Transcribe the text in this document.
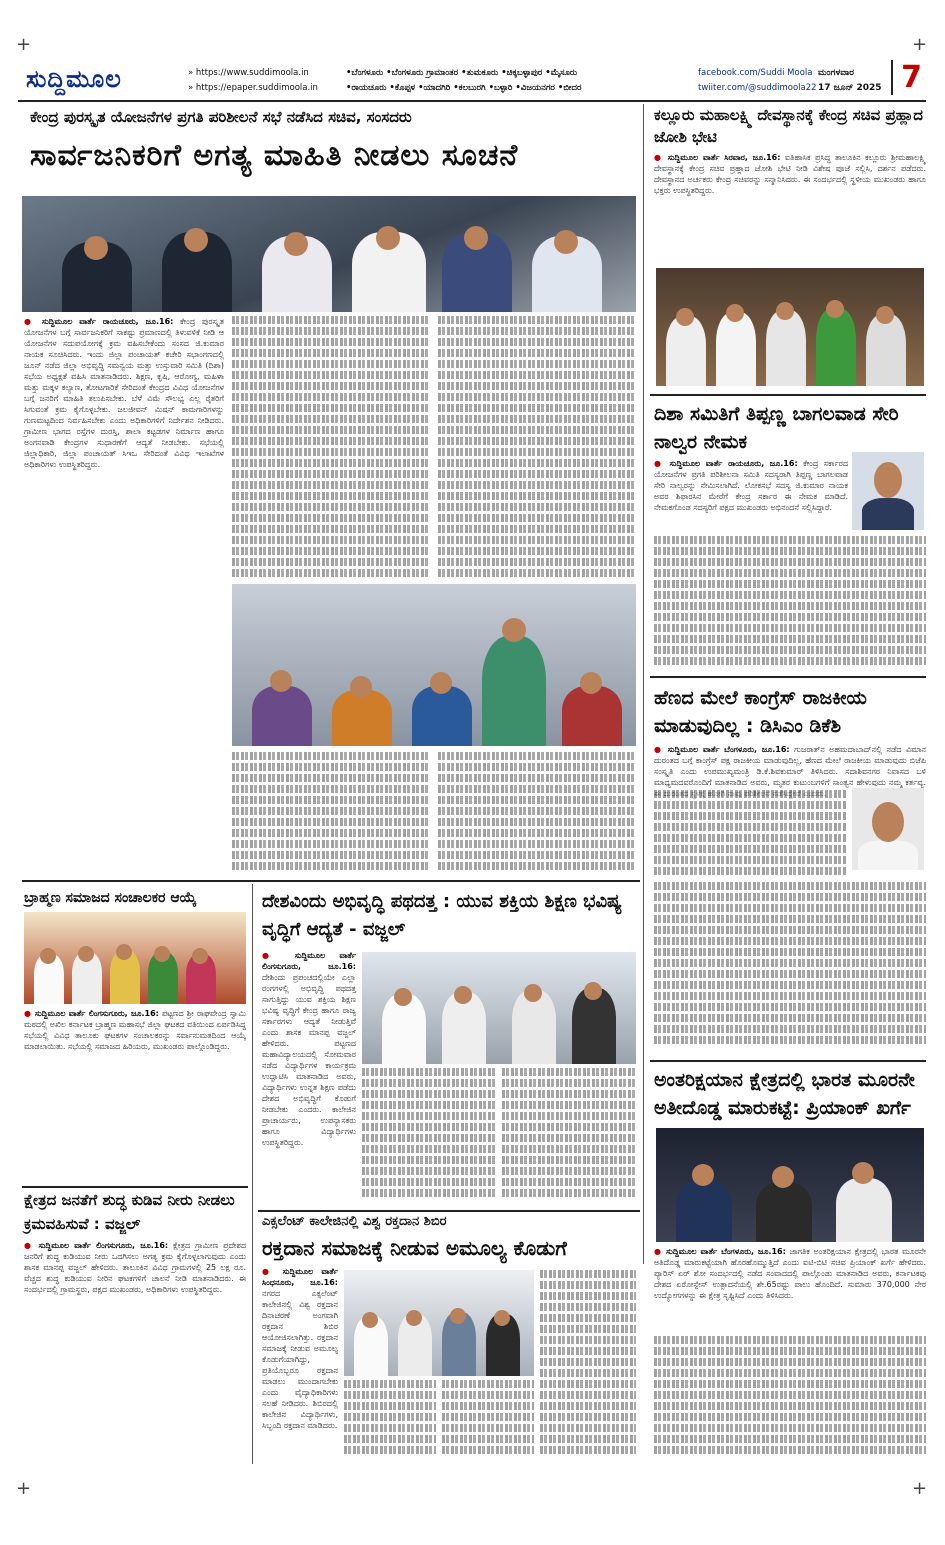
+	+
+	+
ಸುದ್ದಿಮೂಲ	» https://www.suddimoola.in
» https://epaper.suddimoola.in
•ಬೆಂಗಳೂರು •ಬೆಂಗಳೂರು ಗ್ರಾಮಾಂತರ •ತುಮಕೂರು •ಚಿಕ್ಕಬಳ್ಳಾಪುರ •ಮೈಸೂರು
•ರಾಯಚೂರು •ಕೊಪ್ಪಳ •ಯಾದಗಿರಿ •ಕಲಬುರಗಿ •ಬಳ್ಳಾರಿ •ವಿಜಯನಗರ •ಬೀದರ
facebook.com/Suddi Moola
twiiter.com/@suddimoola22
ಮಂಗಳವಾರ
17 ಜೂನ್ 2025 7
ಕೇಂದ್ರ ಪುರಸ್ಕೃತ ಯೋಜನೆಗಳ ಪ್ರಗತಿ ಪರಿಶೀಲನೆ ಸಭೆ ನಡೆಸಿದ ಸಚಿವ, ಸಂಸದರು
ಸಾರ್ವಜನಿಕರಿಗೆ ಅಗತ್ಯ ಮಾಹಿತಿ ನೀಡಲು ಸೂಚನೆ
● ಸುದ್ದಿಮೂಲ ವಾರ್ತೆ ರಾಯಚೂರು, ಜೂ.16: ಕೇಂದ್ರ ಪುರಸ್ಕೃತ ಯೋಜನೆಗಳ ಬಗ್ಗೆ ಸಾರ್ವಜನಿಕರಿಗೆ ಸಾಕಷ್ಟು ಪ್ರಮಾಣದಲ್ಲಿ ತಿಳುವಳಿಕೆ ನೀಡಿ ಆ ಯೋಜನೆಗಳ ಸದುಪಯೋಗಕ್ಕೆ ಕ್ರಮ ವಹಿಸಬೇಕೆಂದು ಸಂಸದ ಜಿ.ಕುಮಾರ ನಾಯಕ ಸೂಚಿಸಿದರು. ಇಂದು ಜಿಲ್ಲಾ ಪಂಚಾಯತ್ ಕಚೇರಿ ಸಭಾಂಗಣದಲ್ಲಿ ಜೂನ್ ನಡೆದ ಜಿಲ್ಲಾ ಅಭಿವೃದ್ಧಿ ಸಮನ್ವಯ ಮತ್ತು ಉಸ್ತುವಾರಿ ಸಮಿತಿ (ದಿಶಾ) ಸಭೆಯ ಅಧ್ಯಕ್ಷತೆ ವಹಿಸಿ ಮಾತನಾಡಿದರು. ಶಿಕ್ಷಣ, ಕೃಷಿ, ಆರೋಗ್ಯ, ಮಹಿಳಾ ಮತ್ತು ಮಕ್ಕಳ ಕಲ್ಯಾಣ, ತೋಟಗಾರಿಕೆ ಸೇರಿದಂತೆ ಕೇಂದ್ರದ ವಿವಿಧ ಯೋಜನೆಗಳ ಬಗ್ಗೆ ಜನರಿಗೆ ಮಾಹಿತಿ ತಲುಪಿಸಬೇಕು. ಬೆಳೆ ವಿಮೆ ಸೌಲಭ್ಯ ಎಲ್ಲ ರೈತರಿಗೆ ಸಿಗುವಂತೆ ಕ್ರಮ ಕೈಗೊಳ್ಳಬೇಕು. ಜಲಜೀವನ್ ಮಿಷನ್ ಕಾಮಗಾರಿಗಳನ್ನು ಗುಣಮಟ್ಟದಿಂದ ನಿರ್ವಹಿಸಬೇಕು ಎಂದು ಅಧಿಕಾರಿಗಳಿಗೆ ನಿರ್ದೇಶನ ನೀಡಿದರು. ಗ್ರಾಮೀಣ ಭಾಗದ ರಸ್ತೆಗಳ ದುರಸ್ತಿ, ಶಾಲಾ ಕಟ್ಟಡಗಳ ನಿರ್ಮಾಣ ಹಾಗೂ ಅಂಗನವಾಡಿ ಕೇಂದ್ರಗಳ ಸುಧಾರಣೆಗೆ ಆದ್ಯತೆ ನೀಡಬೇಕು. ಸಭೆಯಲ್ಲಿ ಜಿಲ್ಲಾಧಿಕಾರಿ, ಜಿಲ್ಲಾ ಪಂಚಾಯತ್ ಸಿಇಒ ಸೇರಿದಂತೆ ವಿವಿಧ ಇಲಾಖೆಗಳ ಅಧಿಕಾರಿಗಳು ಉಪಸ್ಥಿತರಿದ್ದರು.
ಕಲ್ಲೂರು ಮಹಾಲಕ್ಷ್ಮಿ ದೇವಸ್ಥಾನಕ್ಕೆ ಕೇಂದ್ರ ಸಚಿವ ಪ್ರಹ್ಲಾದ ಜೋಶಿ ಭೇಟಿ
● ಸುದ್ದಿಮೂಲ ವಾರ್ತೆ ಸಿರವಾರ, ಜೂ.16: ಐತಿಹಾಸಿಕ ಪ್ರಸಿದ್ಧ ತಾಲೂಕಿನ ಕಲ್ಲೂರು ಶ್ರೀಮಹಾಲಕ್ಷ್ಮಿ ದೇವಸ್ಥಾನಕ್ಕೆ ಕೇಂದ್ರ ಸಚಿವ ಪ್ರಹ್ಲಾದ ಜೋಶಿ ಭೇಟಿ ನೀಡಿ ವಿಶೇಷ ಪೂಜೆ ಸಲ್ಲಿಸಿ, ದರ್ಶನ ಪಡೆದರು. ದೇವಸ್ಥಾನದ ಅರ್ಚಕರು ಕೇಂದ್ರ ಸಚಿವರನ್ನು ಸನ್ಮಾನಿಸಿದರು. ಈ ಸಂದರ್ಭದಲ್ಲಿ ಸ್ಥಳೀಯ ಮುಖಂಡರು ಹಾಗೂ ಭಕ್ತರು ಉಪಸ್ಥಿತರಿದ್ದರು.
ದಿಶಾ ಸಮಿತಿಗೆ ತಿಪ್ಪಣ್ಣ ಬಾಗಲವಾಡ ಸೇರಿ ನಾಲ್ವರ ನೇಮಕ
● ಸುದ್ದಿಮೂಲ ವಾರ್ತೆ ರಾಯಚೂರು, ಜೂ.16: ಕೇಂದ್ರ ಸರ್ಕಾರದ ಯೋಜನೆಗಳ ಪ್ರಗತಿ ಪರಿಶೀಲನಾ ಸಮಿತಿ ಸದಸ್ಯರಾಗಿ ತಿಪ್ಪಣ್ಣ ಬಾಗಲವಾಡ ಸೇರಿ ನಾಲ್ವರನ್ನು ನೇಮಿಸಲಾಗಿದೆ. ಲೋಕಸಭೆ ಸದಸ್ಯ ಜಿ.ಕುಮಾರ ನಾಯಕ ಅವರ ಶಿಫಾರಸಿನ ಮೇರೆಗೆ ಕೇಂದ್ರ ಸರ್ಕಾರ ಈ ನೇಮಕ ಮಾಡಿದೆ. ನೇಮಕಗೊಂಡ ಸದಸ್ಯರಿಗೆ ಪಕ್ಷದ ಮುಖಂಡರು ಅಭಿನಂದನೆ ಸಲ್ಲಿಸಿದ್ದಾರೆ.
ಹೆಣದ ಮೇಲೆ ಕಾಂಗ್ರೆಸ್ ರಾಜಕೀಯ ಮಾಡುವುದಿಲ್ಲ : ಡಿಸಿಎಂ ಡಿಕೆಶಿ
● ಸುದ್ದಿಮೂಲ ವಾರ್ತೆ ಬೆಂಗಳೂರು, ಜೂ.16: ಗುಜರಾತ್‌ನ ಅಹಮದಾಬಾದ್‌ನಲ್ಲಿ ನಡೆದ ವಿಮಾನ ದುರಂತದ ಬಗ್ಗೆ ಕಾಂಗ್ರೆಸ್ ಪಕ್ಷ ರಾಜಕೀಯ ಮಾಡುವುದಿಲ್ಲ, ಹೆಣದ ಮೇಲೆ ರಾಜಕೀಯ ಮಾಡುವುದು ಬಿಜೆಪಿ ಸಂಸ್ಕೃತಿ ಎಂದು ಉಪಮುಖ್ಯಮಂತ್ರಿ ಡಿ.ಕೆ.ಶಿವಕುಮಾರ್ ತಿಳಿಸಿದರು. ಸದಾಶಿವನಗರ ನಿವಾಸದ ಬಳಿ ಮಾಧ್ಯಮದವರೊಂದಿಗೆ ಮಾತನಾಡಿದ ಅವರು, ಮೃತರ ಕುಟುಂಬಗಳಿಗೆ ಸಾಂತ್ವನ ಹೇಳುವುದು ನಮ್ಮ ಕರ್ತವ್ಯ.
ಅಂತರಿಕ್ಷಯಾನ ಕ್ಷೇತ್ರದಲ್ಲಿ ಭಾರತ ಮೂರನೇ ಅತೀದೊಡ್ಡ ಮಾರುಕಟ್ಟೆ: ಪ್ರಿಯಾಂಕ್ ಖರ್ಗೆ
● ಸುದ್ದಿಮೂಲ ವಾರ್ತೆ ಬೆಂಗಳೂರು, ಜೂ.16: ಜಾಗತಿಕ ಅಂತರಿಕ್ಷಯಾನ ಕ್ಷೇತ್ರದಲ್ಲಿ ಭಾರತ ಮೂರನೇ ಅತಿದೊಡ್ಡ ಮಾರುಕಟ್ಟೆಯಾಗಿ ಹೊರಹೊಮ್ಮುತ್ತಿದೆ ಎಂದು ಐಟಿ-ಬಿಟಿ ಸಚಿವ ಪ್ರಿಯಾಂಕ್ ಖರ್ಗೆ ಹೇಳಿದರು. ಪ್ಯಾರಿಸ್ ಏರ್ ಶೋ ಸಂದರ್ಭದಲ್ಲಿ ನಡೆದ ಸಂವಾದದಲ್ಲಿ ಪಾಲ್ಗೊಂಡು ಮಾತನಾಡಿದ ಅವರು, ಕರ್ನಾಟಕವು ದೇಶದ ಏರೋಸ್ಪೇಸ್ ಉತ್ಪಾದನೆಯಲ್ಲಿ ಶೇ.65ರಷ್ಟು ಪಾಲು ಹೊಂದಿದೆ. ಸುಮಾರು 370,000 ನೇರ ಉದ್ಯೋಗಗಳನ್ನು ಈ ಕ್ಷೇತ್ರ ಸೃಷ್ಟಿಸಿದೆ ಎಂದು ತಿಳಿಸಿದರು.
ಬ್ರಾಹ್ಮಣ ಸಮಾಜದ ಸಂಚಾಲಕರ ಆಯ್ಕೆ
● ಸುದ್ದಿಮೂಲ ವಾರ್ತೆ ಲಿಂಗಸುಗೂರು, ಜೂ.16: ಪಟ್ಟಣದ ಶ್ರೀ ರಾಘವೇಂದ್ರ ಸ್ವಾಮಿ ಮಠದಲ್ಲಿ ಅಖಿಲ ಕರ್ನಾಟಕ ಬ್ರಾಹ್ಮಣ ಮಹಾಸಭೆ ಜಿಲ್ಲಾ ಘಟಕದ ವತಿಯಿಂದ ಏರ್ಪಡಿಸಿದ್ದ ಸಭೆಯಲ್ಲಿ ವಿವಿಧ ತಾಲೂಕು ಘಟಕಗಳ ಸಂಚಾಲಕರನ್ನು ಸರ್ವಾನುಮತದಿಂದ ಆಯ್ಕೆ ಮಾಡಲಾಯಿತು. ಸಭೆಯಲ್ಲಿ ಸಮಾಜದ ಹಿರಿಯರು, ಮುಖಂಡರು ಪಾಲ್ಗೊಂಡಿದ್ದರು.
ಕ್ಷೇತ್ರದ ಜನತೆಗೆ ಶುದ್ಧ ಕುಡಿವ ನೀರು ನೀಡಲು ಕ್ರಮವಹಿಸುವೆ : ವಜ್ಜಲ್
● ಸುದ್ದಿಮೂಲ ವಾರ್ತೆ ಲಿಂಗಸುಗೂರು, ಜೂ.16: ಕ್ಷೇತ್ರದ ಗ್ರಾಮೀಣ ಪ್ರದೇಶದ ಜನರಿಗೆ ಶುದ್ಧ ಕುಡಿಯುವ ನೀರು ಒದಗಿಸಲು ಅಗತ್ಯ ಕ್ರಮ ಕೈಗೊಳ್ಳಲಾಗುವುದು ಎಂದು ಶಾಸಕ ಮಾನಪ್ಪ ವಜ್ಜಲ್ ಹೇಳಿದರು. ತಾಲೂಕಿನ ವಿವಿಧ ಗ್ರಾಮಗಳಲ್ಲಿ 25 ಲಕ್ಷ ರೂ. ವೆಚ್ಚದ ಶುದ್ಧ ಕುಡಿಯುವ ನೀರಿನ ಘಟಕಗಳಿಗೆ ಚಾಲನೆ ನೀಡಿ ಮಾತನಾಡಿದರು. ಈ ಸಂದರ್ಭದಲ್ಲಿ ಗ್ರಾಮಸ್ಥರು, ಪಕ್ಷದ ಮುಖಂಡರು, ಅಧಿಕಾರಿಗಳು ಉಪಸ್ಥಿತರಿದ್ದರು.
ದೇಶವಿಂದು ಅಭಿವೃದ್ಧಿ ಪಥದತ್ತ : ಯುವ ಶಕ್ತಿಯ ಶಿಕ್ಷಣ ಭವಿಷ್ಯ ವೃದ್ಧಿಗೆ ಆದ್ಯತೆ - ವಜ್ಜಲ್
● ಸುದ್ದಿಮೂಲ ವಾರ್ತೆ ಲಿಂಗಸುಗೂರು, ಜೂ.16: ದೇಶಿಂದು ಪ್ರಪಂಚದಲ್ಲಿಯೇ ಎಲ್ಲಾ ರಂಗಗಳಲ್ಲಿ ಅಭಿವೃದ್ಧಿ ಪಥದತ್ತ ಸಾಗುತ್ತಿದ್ದು ಯುವ ಶಕ್ತಿಯ ಶಿಕ್ಷಣ ಭವಿಷ್ಯ ವೃದ್ಧಿಗೆ ಕೇಂದ್ರ ಹಾಗೂ ರಾಜ್ಯ ಸರ್ಕಾರಗಳು ಆದ್ಯತೆ ನೀಡುತ್ತಿವೆ ಎಂದು ಶಾಸಕ ಮಾನಪ್ಪ ವಜ್ಜಲ್ ಹೇಳಿದರು. ಪಟ್ಟಣದ ಮಹಾವಿದ್ಯಾಲಯದಲ್ಲಿ ಸೋಮವಾರ ನಡೆದ ವಿದ್ಯಾರ್ಥಿಗಳ ಕಾರ್ಯಕ್ರಮ ಉದ್ಘಾಟಿಸಿ ಮಾತನಾಡಿದ ಅವರು, ವಿದ್ಯಾರ್ಥಿಗಳು ಉನ್ನತ ಶಿಕ್ಷಣ ಪಡೆದು ದೇಶದ ಅಭಿವೃದ್ಧಿಗೆ ಕೊಡುಗೆ ನೀಡಬೇಕು ಎಂದರು. ಕಾಲೇಜಿನ ಪ್ರಾಚಾರ್ಯರು, ಉಪನ್ಯಾಸಕರು ಹಾಗೂ ವಿದ್ಯಾರ್ಥಿಗಳು ಉಪಸ್ಥಿತರಿದ್ದರು.
ಎಕ್ಸಲೆಂಟ್ ಕಾಲೇಜಿನಲ್ಲಿ ವಿಶ್ವ ರಕ್ತದಾನ ಶಿಬಿರ
ರಕ್ತದಾನ ಸಮಾಜಕ್ಕೆ ನೀಡುವ ಅಮೂಲ್ಯ ಕೊಡುಗೆ
● ಸುದ್ದಿಮೂಲ ವಾರ್ತೆ ಸಿಂಧನೂರು, ಜೂ.16: ನಗರದ ಎಕ್ಸಲೆಂಟ್ ಕಾಲೇಜಿನಲ್ಲಿ ವಿಶ್ವ ರಕ್ತದಾನ ದಿನಾಚರಣೆ ಅಂಗವಾಗಿ ರಕ್ತದಾನ ಶಿಬಿರ ಆಯೋಜಿಸಲಾಗಿತ್ತು. ರಕ್ತದಾನ ಸಮಾಜಕ್ಕೆ ನೀಡುವ ಅಮೂಲ್ಯ ಕೊಡುಗೆಯಾಗಿದ್ದು, ಪ್ರತಿಯೊಬ್ಬರೂ ರಕ್ತದಾನ ಮಾಡಲು ಮುಂದಾಗಬೇಕು ಎಂದು ವೈದ್ಯಾಧಿಕಾರಿಗಳು ಸಲಹೆ ನೀಡಿದರು. ಶಿಬಿರದಲ್ಲಿ ಕಾಲೇಜಿನ ವಿದ್ಯಾರ್ಥಿಗಳು, ಸಿಬ್ಬಂದಿ ರಕ್ತದಾನ ಮಾಡಿದರು.
